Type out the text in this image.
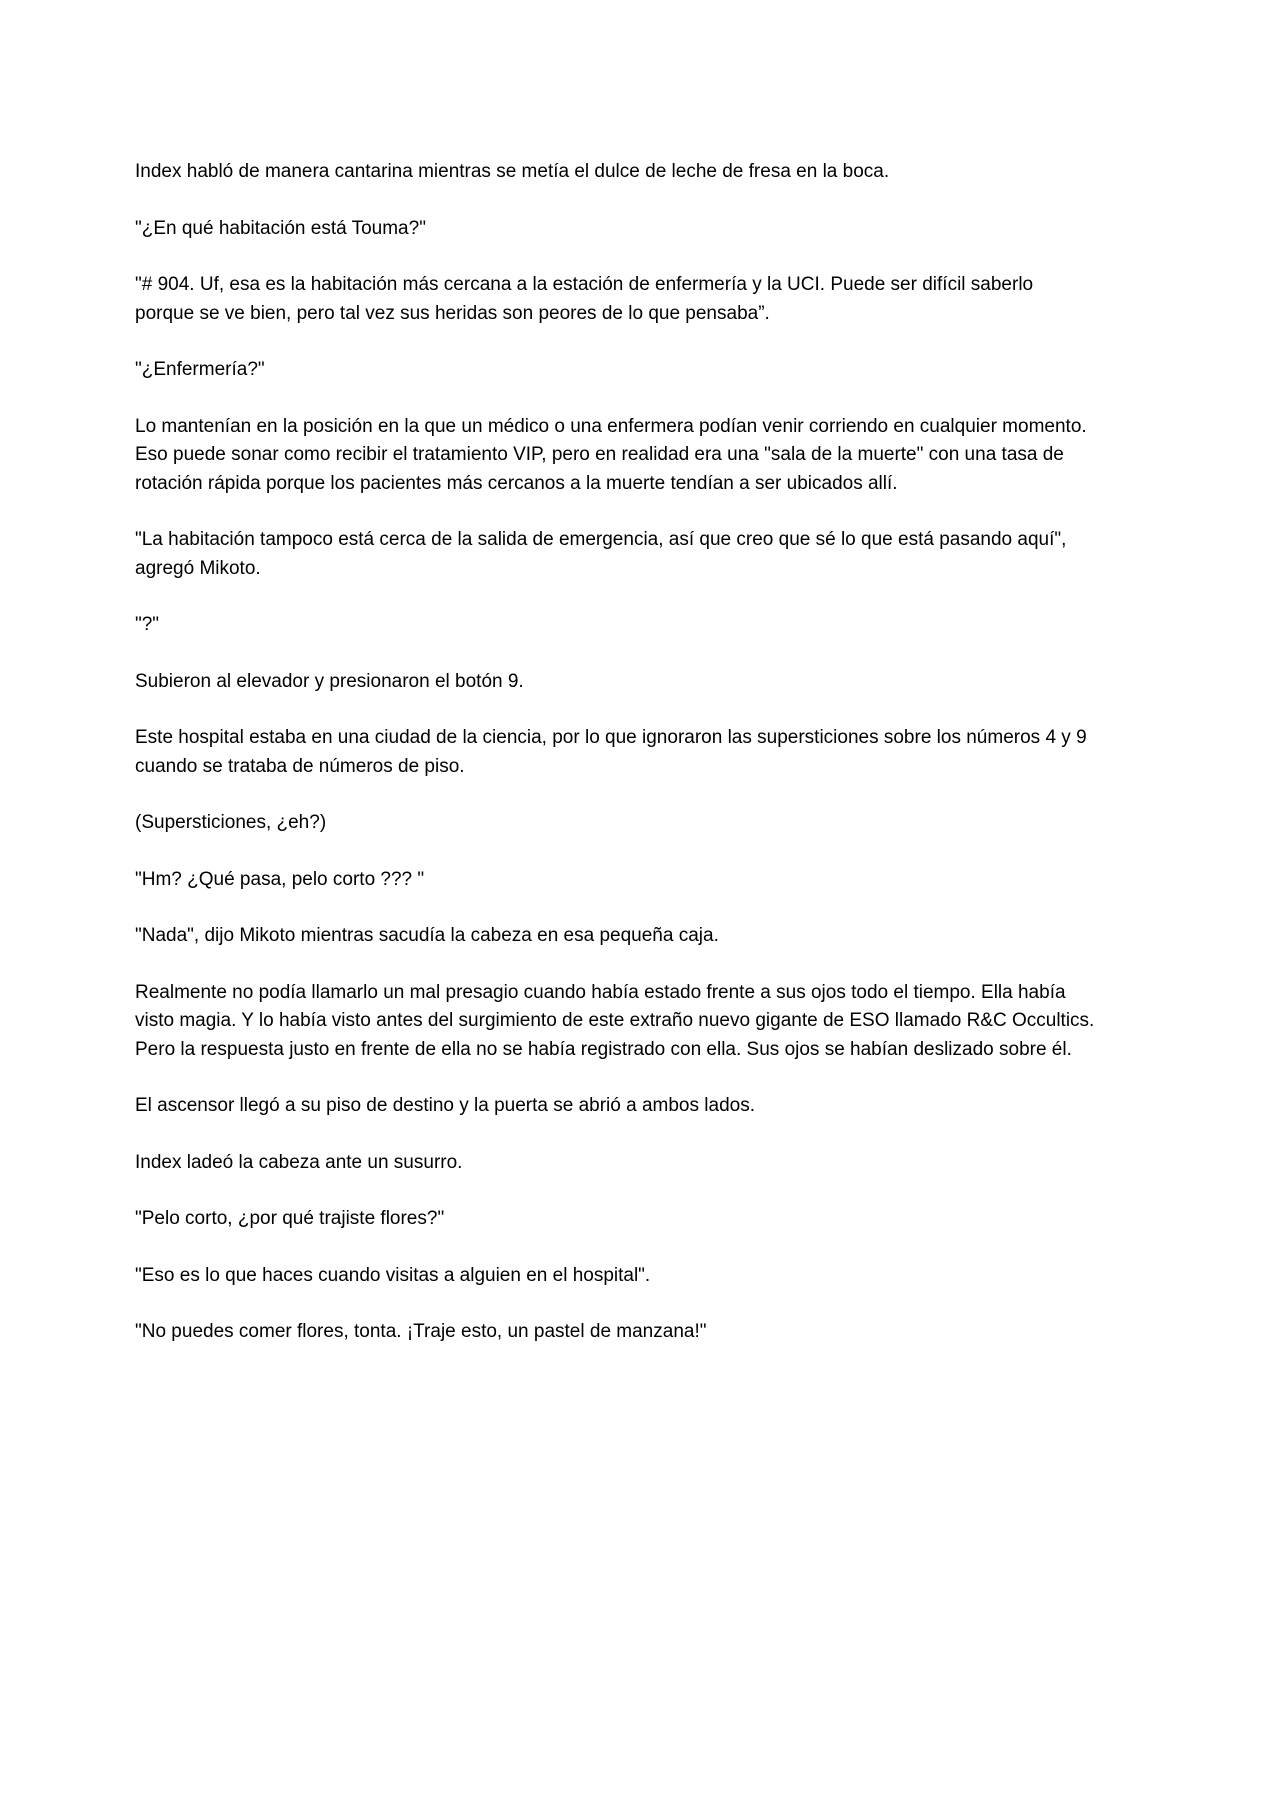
Index habló de manera cantarina mientras se metía el dulce de leche de fresa en la boca.

"¿En qué habitación está Touma?"

"# 904. Uf, esa es la habitación más cercana a la estación de enfermería y la UCI. Puede ser difícil saberlo porque se ve bien, pero tal vez sus heridas son peores de lo que pensaba”.

"¿Enfermería?"

Lo mantenían en la posición en la que un médico o una enfermera podían venir corriendo en cualquier momento. Eso puede sonar como recibir el tratamiento VIP, pero en realidad era una "sala de la muerte" con una tasa de rotación rápida porque los pacientes más cercanos a la muerte tendían a ser ubicados allí.

"La habitación tampoco está cerca de la salida de emergencia, así que creo que sé lo que está pasando aquí", agregó Mikoto.

"?"

Subieron al elevador y presionaron el botón 9.

Este hospital estaba en una ciudad de la ciencia, por lo que ignoraron las supersticiones sobre los números 4 y 9 cuando se trataba de números de piso.

(Supersticiones, ¿eh?)

"Hm? ¿Qué pasa, pelo corto ??? "

"Nada", dijo Mikoto mientras sacudía la cabeza en esa pequeña caja.

Realmente no podía llamarlo un mal presagio cuando había estado frente a sus ojos todo el tiempo. Ella había visto magia. Y lo había visto antes del surgimiento de este extraño nuevo gigante de ESO llamado R&C Occultics. Pero la respuesta justo en frente de ella no se había registrado con ella. Sus ojos se habían deslizado sobre él.

El ascensor llegó a su piso de destino y la puerta se abrió a ambos lados.

Index ladeó la cabeza ante un susurro.

"Pelo corto, ¿por qué trajiste flores?"

"Eso es lo que haces cuando visitas a alguien en el hospital".

"No puedes comer flores, tonta. ¡Traje esto, un pastel de manzana!"
